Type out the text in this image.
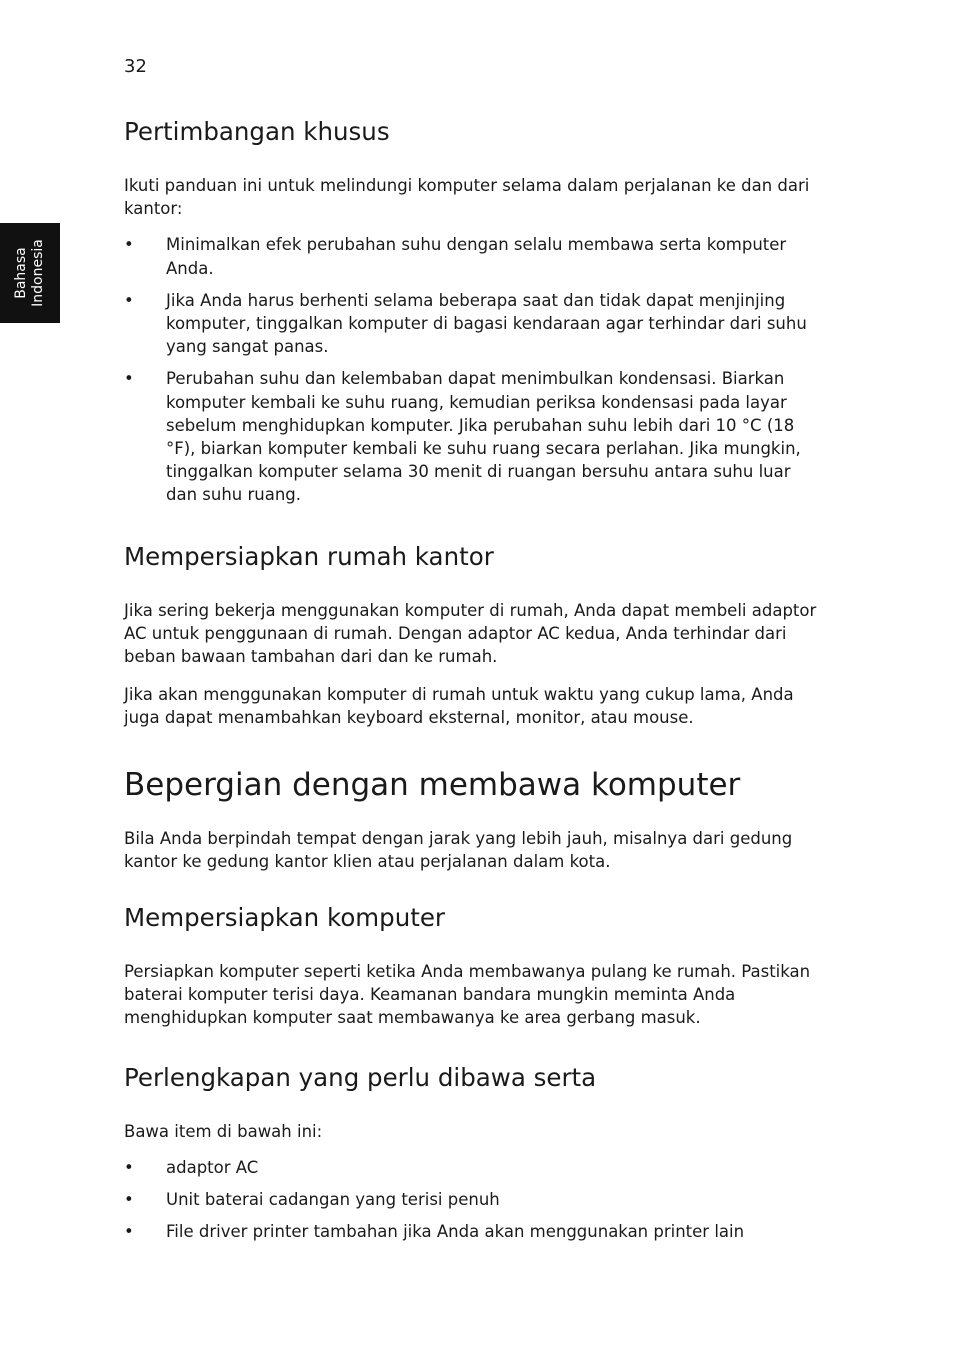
32
Bahasa Indonesia
Pertimbangan khusus

Ikuti panduan ini untuk melindungi komputer selama dalam perjalanan ke dan dari kantor:

•	Minimalkan efek perubahan suhu dengan selalu membawa serta komputer Anda.
•	Jika Anda harus berhenti selama beberapa saat dan tidak dapat menjinjing komputer, tinggalkan komputer di bagasi kendaraan agar terhindar dari suhu yang sangat panas.
•	Perubahan suhu dan kelembaban dapat menimbulkan kondensasi. Biarkan komputer kembali ke suhu ruang, kemudian periksa kondensasi pada layar sebelum menghidupkan komputer. Jika perubahan suhu lebih dari 10 °C (18 °F), biarkan komputer kembali ke suhu ruang secara perlahan. Jika mungkin, tinggalkan komputer selama 30 menit di ruangan bersuhu antara suhu luar dan suhu ruang.
Mempersiapkan rumah kantor

Jika sering bekerja menggunakan komputer di rumah, Anda dapat membeli adaptor AC untuk penggunaan di rumah. Dengan adaptor AC kedua, Anda terhindar dari beban bawaan tambahan dari dan ke rumah.

Jika akan menggunakan komputer di rumah untuk waktu yang cukup lama, Anda juga dapat menambahkan keyboard eksternal, monitor, atau mouse.

Bepergian dengan membawa komputer

Bila Anda berpindah tempat dengan jarak yang lebih jauh, misalnya dari gedung kantor ke gedung kantor klien atau perjalanan dalam kota.

Mempersiapkan komputer

Persiapkan komputer seperti ketika Anda membawanya pulang ke rumah. Pastikan baterai komputer terisi daya. Keamanan bandara mungkin meminta Anda menghidupkan komputer saat membawanya ke area gerbang masuk.

Perlengkapan yang perlu dibawa serta

Bawa item di bawah ini:

•	adaptor AC
•	Unit baterai cadangan yang terisi penuh
•	File driver printer tambahan jika Anda akan menggunakan printer lain
